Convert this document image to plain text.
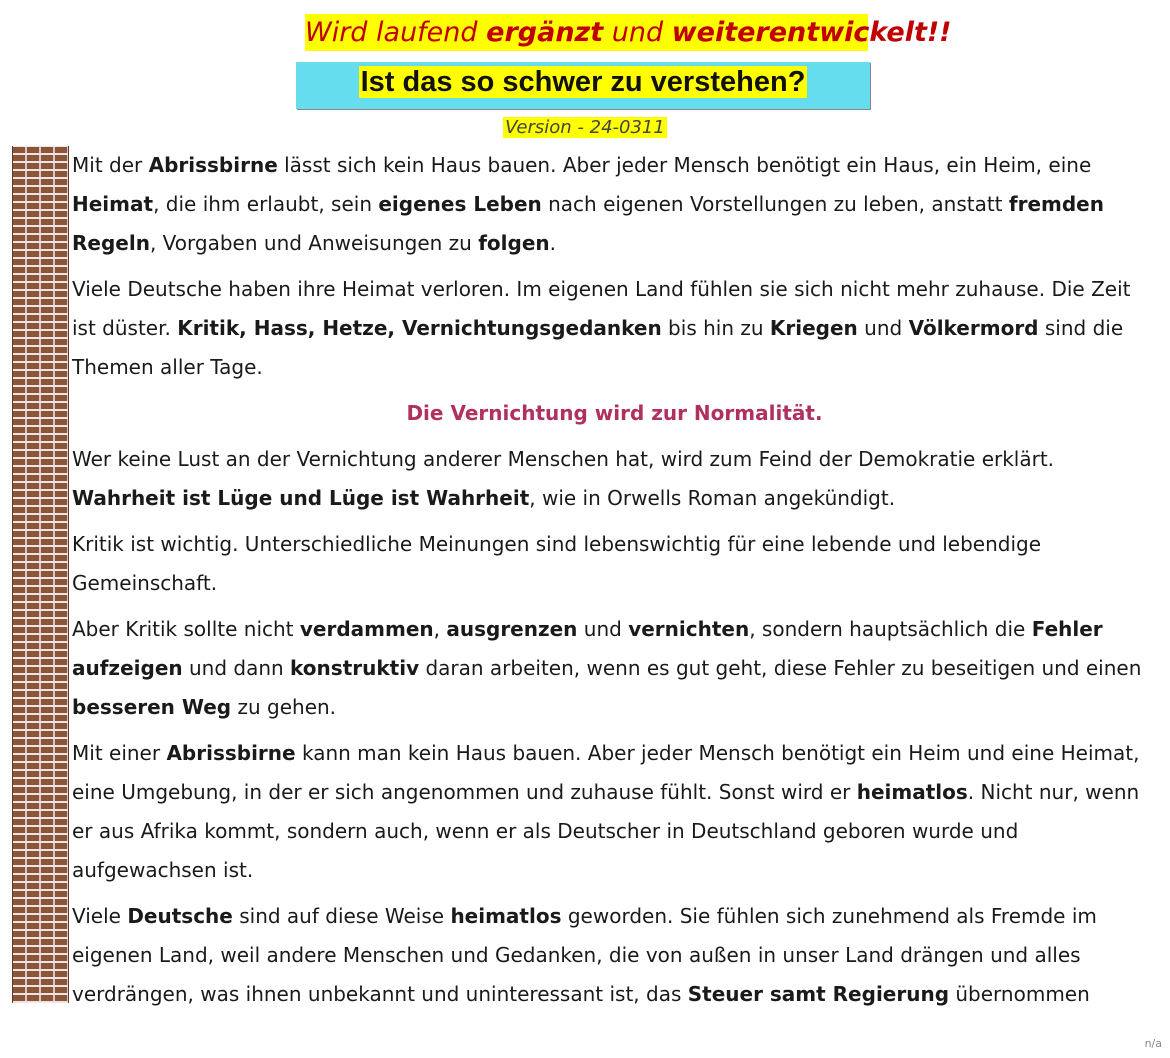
Wird laufend ergänzt und weiterentwickelt!!
Ist das so schwer zu verstehen?
Version - 24-0311

Mit der Abrissbirne lässt sich kein Haus bauen. Aber jeder Mensch benötigt ein Haus, ein Heim, eine Heimat, die ihm erlaubt, sein eigenes Leben nach eigenen Vorstellungen zu leben, anstatt fremden Regeln, Vorgaben und Anweisungen zu folgen.

Viele Deutsche haben ihre Heimat verloren. Im eigenen Land fühlen sie sich nicht mehr zuhause. Die Zeit ist düster. Kritik, Hass, Hetze, Vernichtungsgedanken bis hin zu Kriegen und Völkermord sind die Themen aller Tage.

Die Vernichtung wird zur Normalität.

Wer keine Lust an der Vernichtung anderer Menschen hat, wird zum Feind der Demokratie erklärt. Wahrheit ist Lüge und Lüge ist Wahrheit, wie in Orwells Roman angekündigt.

Kritik ist wichtig. Unterschiedliche Meinungen sind lebenswichtig für eine lebende und lebendige Gemeinschaft.

Aber Kritik sollte nicht verdammen, ausgrenzen und vernichten, sondern hauptsächlich die Fehler aufzeigen und dann konstruktiv daran arbeiten, wenn es gut geht, diese Fehler zu beseitigen und einen besseren Weg zu gehen.

Mit einer Abrissbirne kann man kein Haus bauen. Aber jeder Mensch benötigt ein Heim und eine Heimat, eine Umgebung, in der er sich angenommen und zuhause fühlt. Sonst wird er heimatlos. Nicht nur, wenn er aus Afrika kommt, sondern auch, wenn er als Deutscher in Deutschland geboren wurde und aufgewachsen ist.

Viele Deutsche sind auf diese Weise heimatlos geworden. Sie fühlen sich zunehmend als Fremde im eigenen Land, weil andere Menschen und Gedanken, die von außen in unser Land drängen und alles verdrängen, was ihnen unbekannt und uninteressant ist, das Steuer samt Regierung übernommen

n/a
